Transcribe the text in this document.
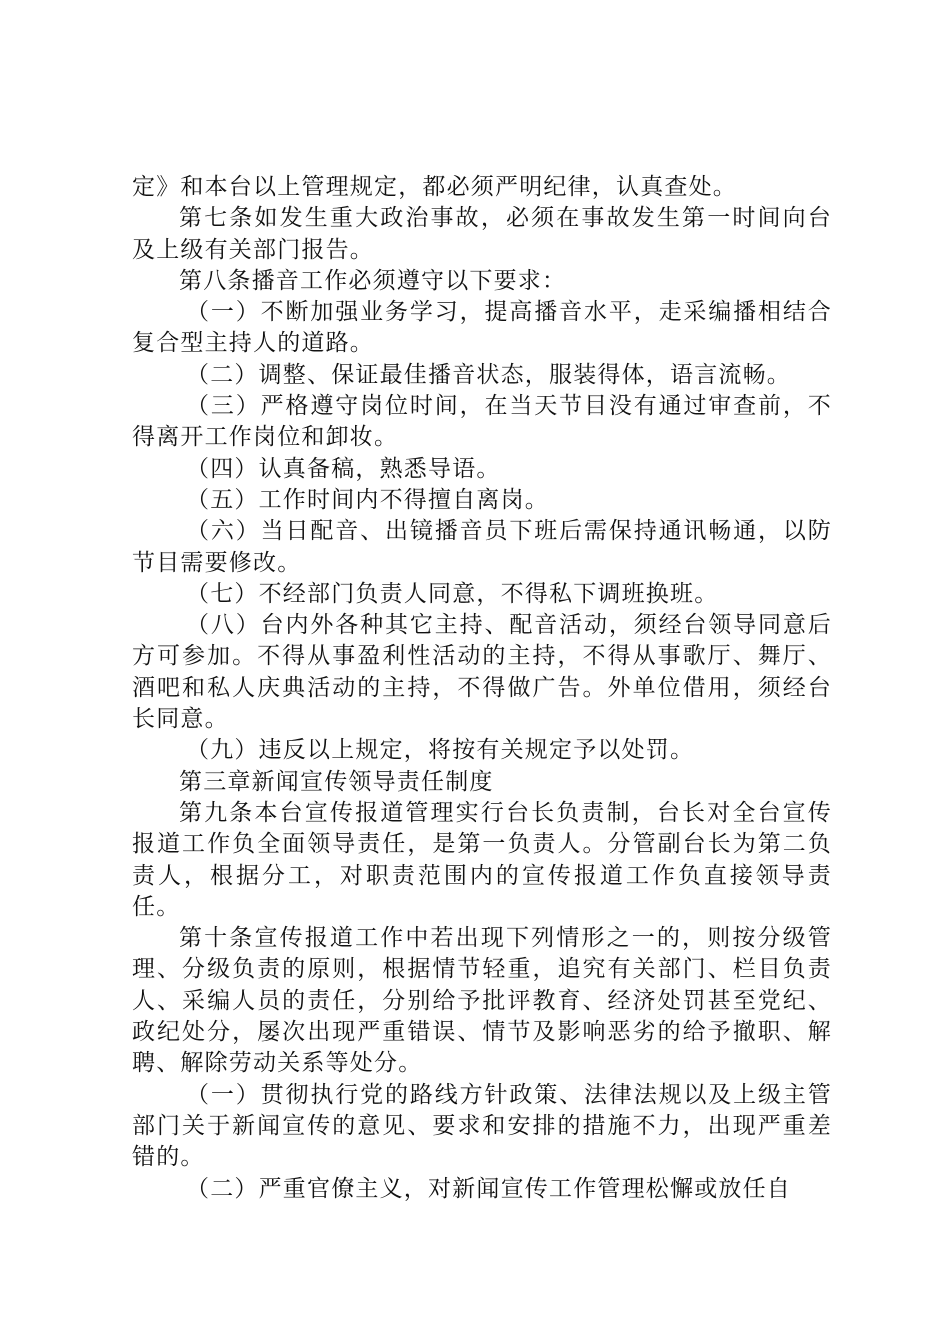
定》和本台以上管理规定，都必须严明纪律，认真查处。

第七条如发生重大政治事故，必须在事故发生第一时间向台及上级有关部门报告。

第八条播音工作必须遵守以下要求：

（一）不断加强业务学习，提高播音水平，走采编播相结合复合型主持人的道路。

（二）调整、保证最佳播音状态，服装得体，语言流畅。

（三）严格遵守岗位时间，在当天节目没有通过审查前，不得离开工作岗位和卸妆。

（四）认真备稿，熟悉导语。

（五）工作时间内不得擅自离岗。

（六）当日配音、出镜播音员下班后需保持通讯畅通，以防节目需要修改。

（七）不经部门负责人同意，不得私下调班换班。

（八）台内外各种其它主持、配音活动，须经台领导同意后方可参加。不得从事盈利性活动的主持，不得从事歌厅、舞厅、酒吧和私人庆典活动的主持，不得做广告。外单位借用，须经台长同意。

（九）违反以上规定，将按有关规定予以处罚。

第三章新闻宣传领导责任制度

第九条本台宣传报道管理实行台长负责制，台长对全台宣传报道工作负全面领导责任，是第一负责人。分管副台长为第二负责人，根据分工，对职责范围内的宣传报道工作负直接领导责任。

第十条宣传报道工作中若出现下列情形之一的，则按分级管理、分级负责的原则，根据情节轻重，追究有关部门、栏目负责人、采编人员的责任，分别给予批评教育、经济处罚甚至党纪、政纪处分，屡次出现严重错误、情节及影响恶劣的给予撤职、解聘、解除劳动关系等处分。

（一）贯彻执行党的路线方针政策、法律法规以及上级主管部门关于新闻宣传的意见、要求和安排的措施不力，出现严重差错的。

（二）严重官僚主义，对新闻宣传工作管理松懈或放任自
